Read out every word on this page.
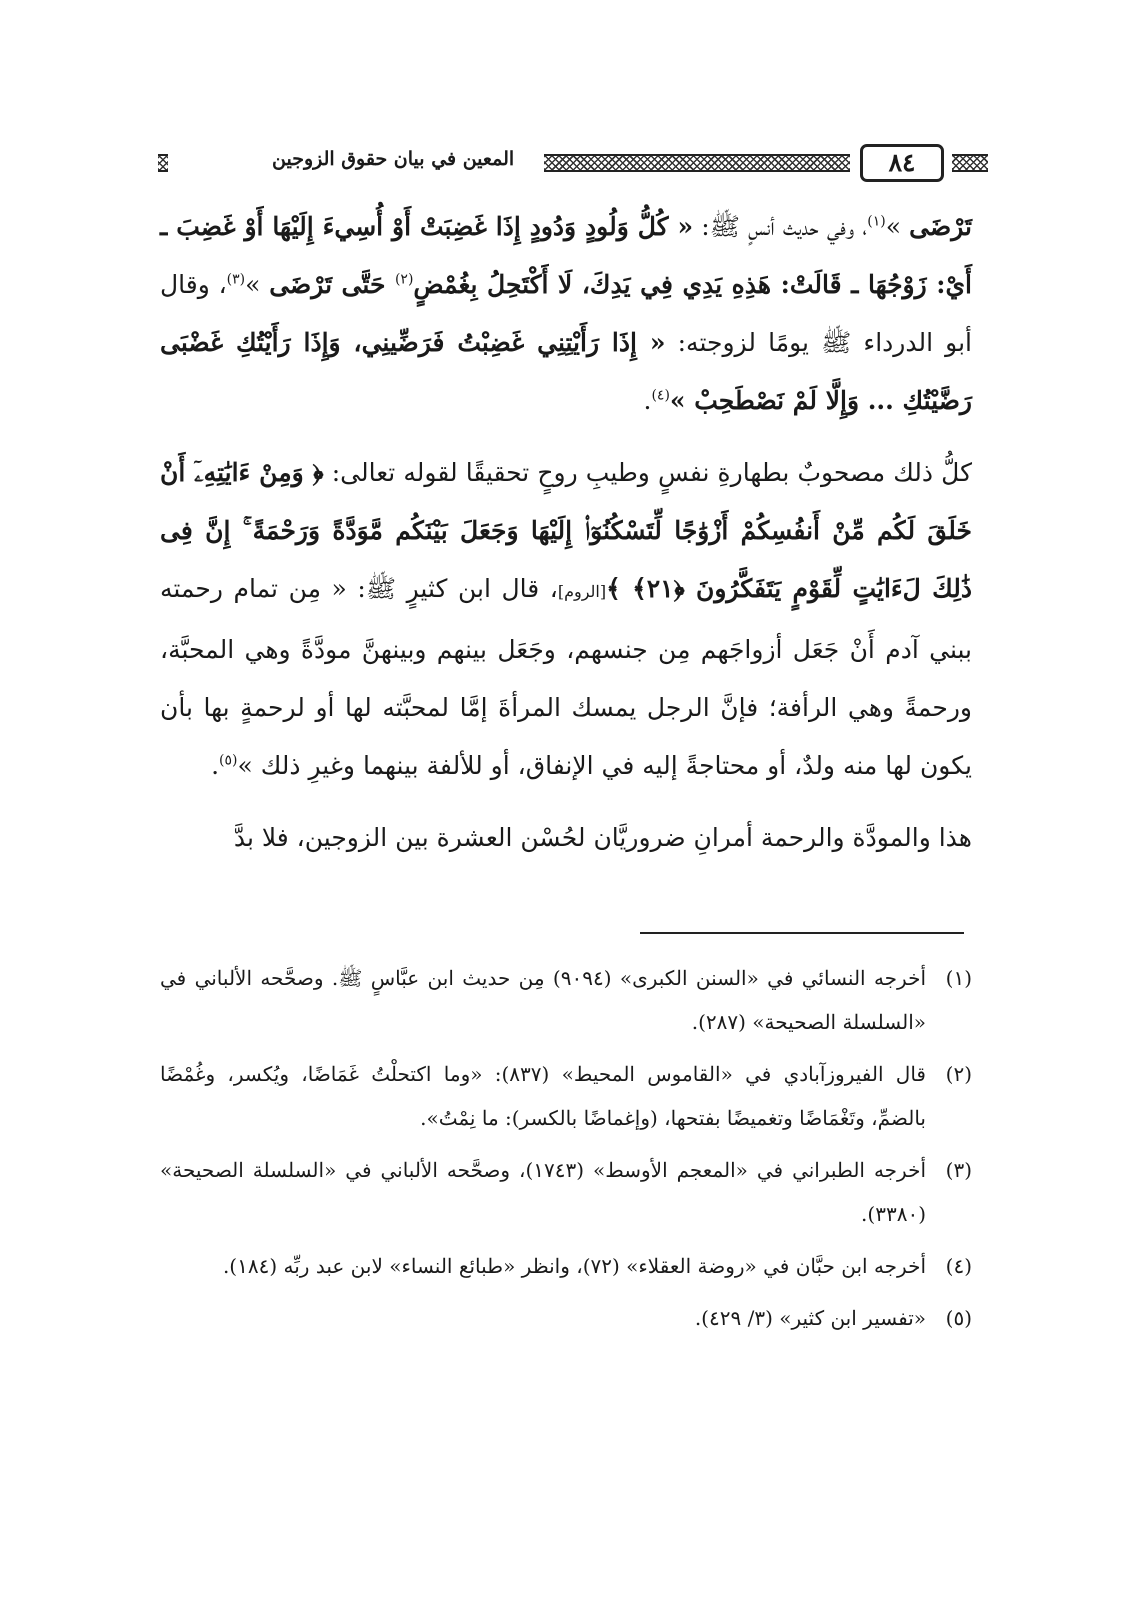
٨٤
المعين في بيان حقوق الزوجين

تَرْضَى »$^{(١)}$، وفي حديث أنسٍ ﷺ: « كُلُّ وَلُودٍ وَدُودٍ إِذَا غَضِبَتْ أَوْ أُسِيءَ إِلَيْهَا أَوْ غَضِبَ ـ أَيْ: زَوْجُهَا ـ قَالَتْ: هَذِهِ يَدِي فِي يَدِكَ، لَا أَكْتَحِلُ بِغُمْضٍ$^{(٢)}$ حَتَّى تَرْضَى »$^{(٣)}$، وقال أبو الدرداء ﷺ يومًا لزوجته: « إِذَا رَأَيْتِنِي غَضِبْتُ فَرَضِّينِي، وَإِذَا رَأَيْتُكِ غَضْبَى رَضَّيْتُكِ ... وَإِلَّا لَمْ نَصْطَحِبْ »$^{(٤)}$.

كلُّ ذلك مصحوبٌ بطهارةِ نفسٍ وطيبِ روحٍ تحقيقًا لقوله تعالى: ﴿ وَمِنْ ءَايَٰتِهِۦٓ أَنْ خَلَقَ لَكُم مِّنْ أَنفُسِكُمْ أَزْوَٰجًا لِّتَسْكُنُوٓا۟ إِلَيْهَا وَجَعَلَ بَيْنَكُم مَّوَدَّةً وَرَحْمَةً ۚ إِنَّ فِى ذَٰلِكَ لَءَايَٰتٍ لِّقَوْمٍ يَتَفَكَّرُونَ ﴿٢١﴾ ﴾[الروم]، قال ابن كثيرٍ ﷺ: « مِن تمام رحمته ببني آدم أَنْ جَعَل أزواجَهم مِن جنسهم، وجَعَل بينهم وبينهنَّ مودَّةً وهي المحبَّة، ورحمةً وهي الرأفة؛ فإنَّ الرجل يمسك المرأةَ إمَّا لمحبَّته لها أو لرحمةٍ بها بأن يكون لها منه ولدٌ، أو محتاجةً إليه في الإنفاق، أو للألفة بينهما وغيرِ ذلك »$^{(٥)}$.

هذا والمودَّة والرحمة أمرانِ ضروريَّان لحُسْن العشرة بين الزوجين، فلا بدَّ

(١)
أخرجه النسائي في «السنن الكبرى» (٩٠٩٤) مِن حديث ابن عبَّاسٍ ﷺ. وصحَّحه الألباني في «السلسلة الصحيحة» (٢٨٧).
(٢)
قال الفيروزآبادي في «القاموس المحيط» (٨٣٧): «وما اكتحلْتُ غَمَاضًا، ويُكسر، وغُمْضًا بالضمِّ، وتَغْمَاضًا وتغميضًا بفتحها، (وإغماضًا بالكسر): ما نِمْتُ».
(٣)
أخرجه الطبراني في «المعجم الأوسط» (١٧٤٣)، وصحَّحه الألباني في «السلسلة الصحيحة» (٣٣٨٠).
(٤)
أخرجه ابن حبَّان في «روضة العقلاء» (٧٢)، وانظر «طبائع النساء» لابن عبد ربِّه (١٨٤).
(٥)
«تفسير ابن كثير» (٣/ ٤٢٩).
